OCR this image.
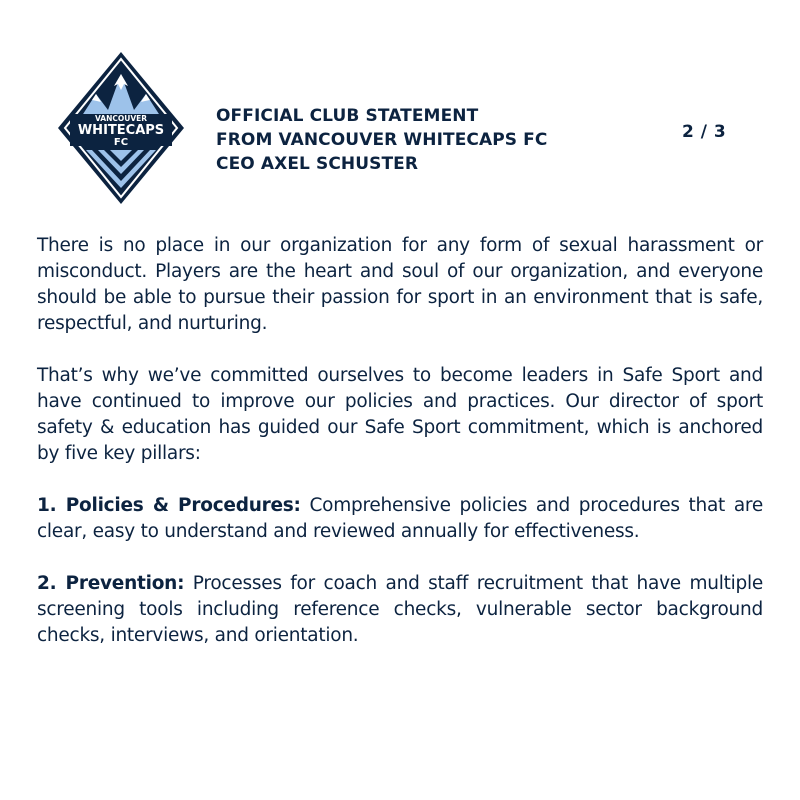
VANCOUVER
WHITECAPS
FC
OFFICIAL CLUB STATEMENT
FROM VANCOUVER WHITECAPS FC
CEO AXEL SCHUSTER
2 / 3

There is no place in our organization for any form of sexual harassment or misconduct. Players are the heart and soul of our organization, and everyone should be able to pursue their passion for sport in an environment that is safe, respectful, and nurturing.

That’s why we’ve committed ourselves to become leaders in Safe Sport and have continued to improve our policies and practices. Our director of sport safety & education has guided our Safe Sport commitment, which is anchored by five key pillars:

1. Policies & Procedures: Comprehensive policies and procedures that are clear, easy to understand and reviewed annually for effectiveness.

2. Prevention: Processes for coach and staff recruitment that have multiple screening tools including reference checks, vulnerable sector background checks, interviews, and orientation.
